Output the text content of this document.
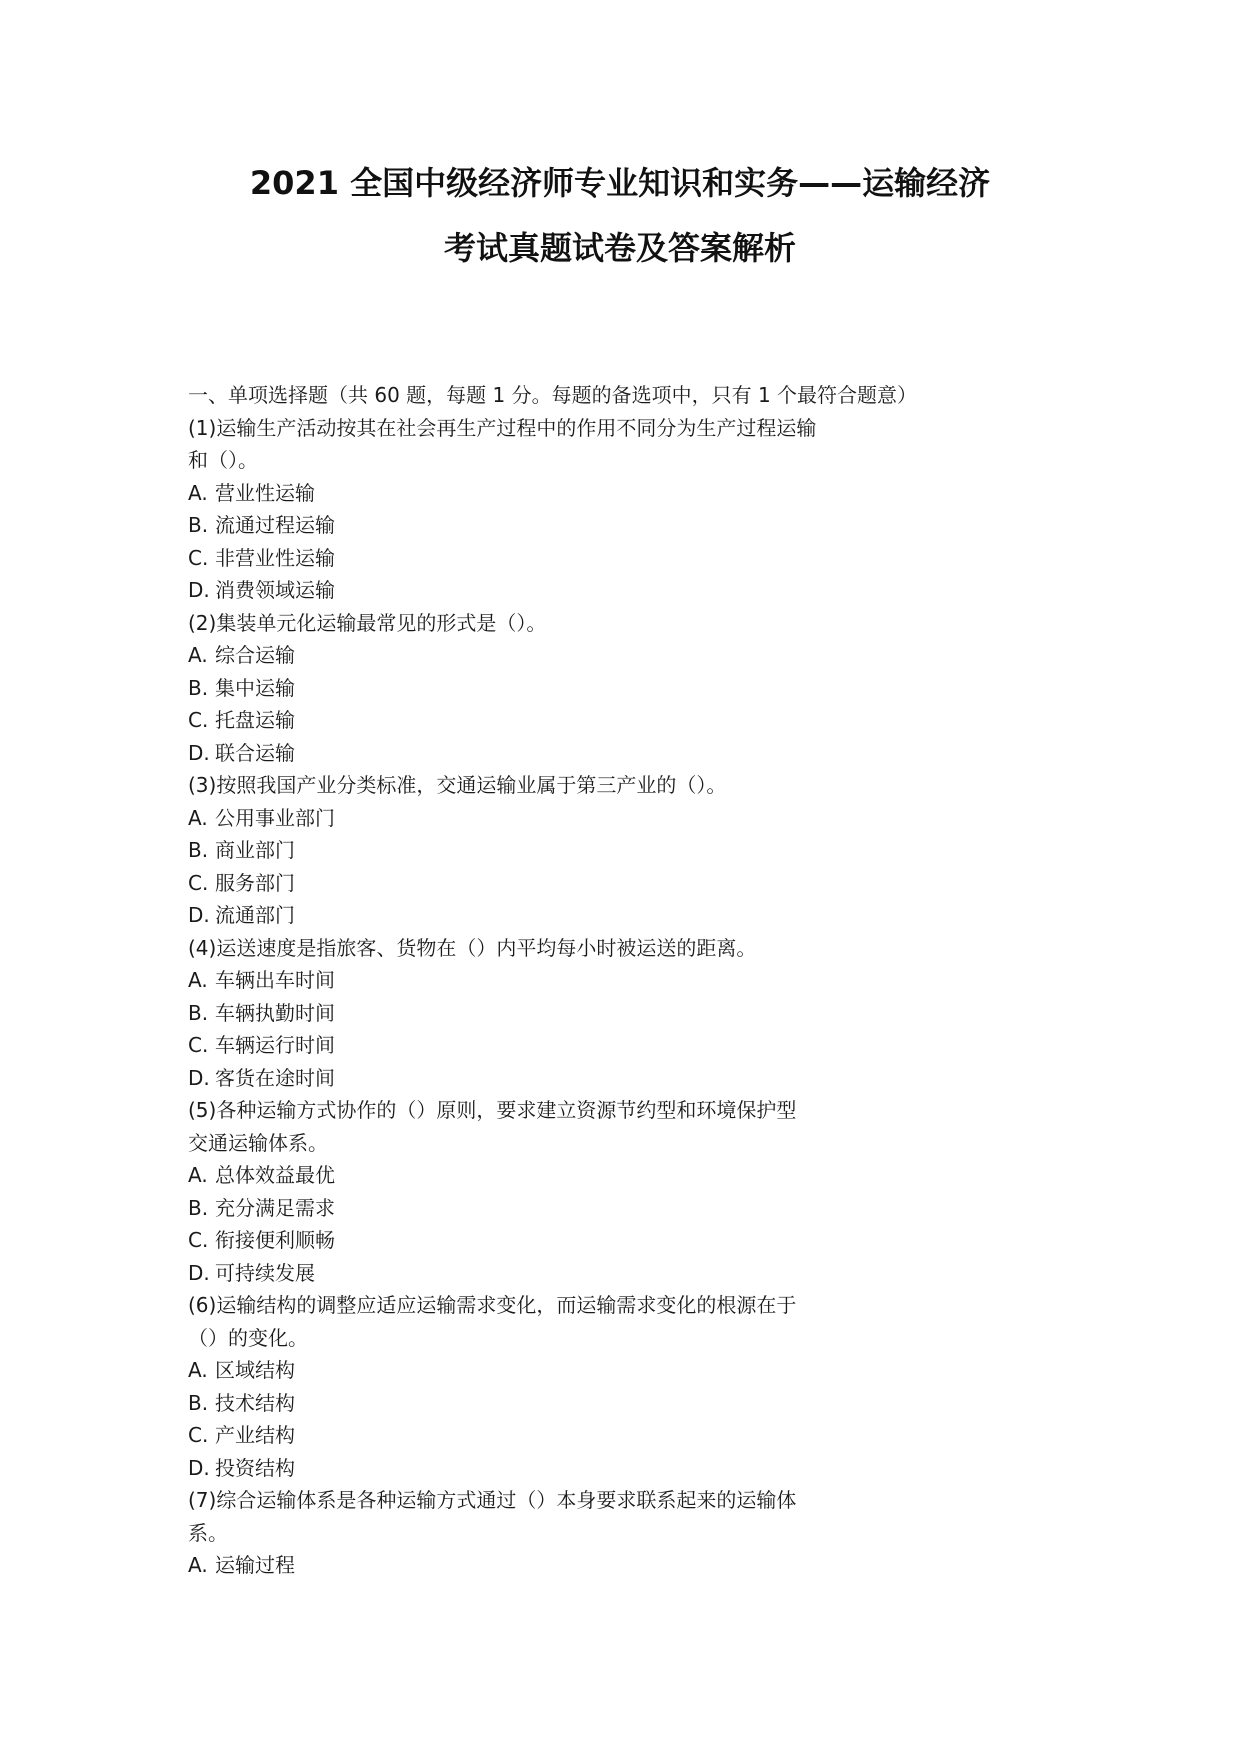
2021 全国中级经济师专业知识和实务——运输经济
考试真题试卷及答案解析
一、单项选择题（共 60 题，每题 1 分。每题的备选项中，只有 1 个最符合题意）
(1)运输生产活动按其在社会再生产过程中的作用不同分为生产过程运输
和（）。
A. 营业性运输
B. 流通过程运输
C. 非营业性运输
D. 消费领域运输
(2)集装单元化运输最常见的形式是（）。
A. 综合运输
B. 集中运输
C. 托盘运输
D. 联合运输
(3)按照我国产业分类标准，交通运输业属于第三产业的（）。
A. 公用事业部门
B. 商业部门
C. 服务部门
D. 流通部门
(4)运送速度是指旅客、货物在（）内平均每小时被运送的距离。
A. 车辆出车时间
B. 车辆执勤时间
C. 车辆运行时间
D. 客货在途时间
(5)各种运输方式协作的（）原则，要求建立资源节约型和环境保护型
交通运输体系。
A. 总体效益最优
B. 充分满足需求
C. 衔接便利顺畅
D. 可持续发展
(6)运输结构的调整应适应运输需求变化，而运输需求变化的根源在于
（）的变化。
A. 区域结构
B. 技术结构
C. 产业结构
D. 投资结构
(7)综合运输体系是各种运输方式通过（）本身要求联系起来的运输体
系。
A. 运输过程
